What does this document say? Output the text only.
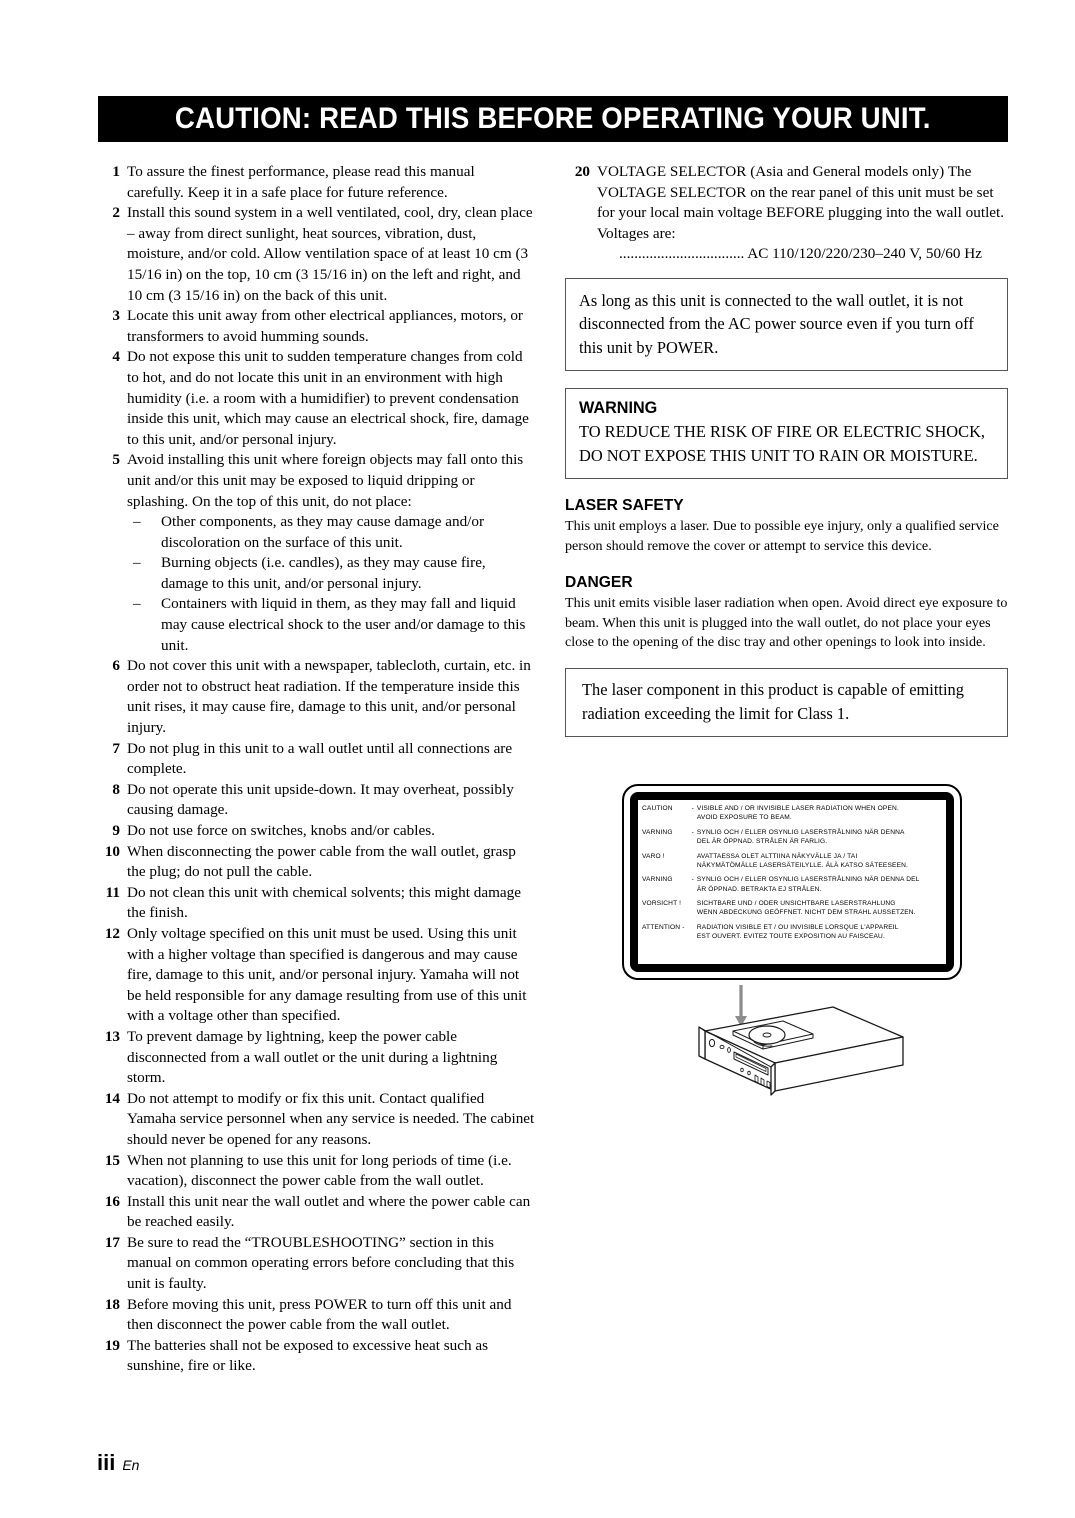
CAUTION: READ THIS BEFORE OPERATING YOUR UNIT.
1 To assure the finest performance, please read this manual carefully. Keep it in a safe place for future reference.
2 Install this sound system in a well ventilated, cool, dry, clean place – away from direct sunlight, heat sources, vibration, dust, moisture, and/or cold. Allow ventilation space of at least 10 cm (3 15/16 in) on the top, 10 cm (3 15/16 in) on the left and right, and 10 cm (3 15/16 in) on the back of this unit.
3 Locate this unit away from other electrical appliances, motors, or transformers to avoid humming sounds.
4 Do not expose this unit to sudden temperature changes from cold to hot, and do not locate this unit in an environment with high humidity (i.e. a room with a humidifier) to prevent condensation inside this unit, which may cause an electrical shock, fire, damage to this unit, and/or personal injury.
5 Avoid installing this unit where foreign objects may fall onto this unit and/or this unit may be exposed to liquid dripping or splashing. On the top of this unit, do not place:
– Other components, as they may cause damage and/or discoloration on the surface of this unit.
– Burning objects (i.e. candles), as they may cause fire, damage to this unit, and/or personal injury.
– Containers with liquid in them, as they may fall and liquid may cause electrical shock to the user and/or damage to this unit.
6 Do not cover this unit with a newspaper, tablecloth, curtain, etc. in order not to obstruct heat radiation. If the temperature inside this unit rises, it may cause fire, damage to this unit, and/or personal injury.
7 Do not plug in this unit to a wall outlet until all connections are complete.
8 Do not operate this unit upside-down. It may overheat, possibly causing damage.
9 Do not use force on switches, knobs and/or cables.
10 When disconnecting the power cable from the wall outlet, grasp the plug; do not pull the cable.
11 Do not clean this unit with chemical solvents; this might damage the finish.
12 Only voltage specified on this unit must be used. Using this unit with a higher voltage than specified is dangerous and may cause fire, damage to this unit, and/or personal injury. Yamaha will not be held responsible for any damage resulting from use of this unit with a voltage other than specified.
13 To prevent damage by lightning, keep the power cable disconnected from a wall outlet or the unit during a lightning storm.
14 Do not attempt to modify or fix this unit. Contact qualified Yamaha service personnel when any service is needed. The cabinet should never be opened for any reasons.
15 When not planning to use this unit for long periods of time (i.e. vacation), disconnect the power cable from the wall outlet.
16 Install this unit near the wall outlet and where the power cable can be reached easily.
17 Be sure to read the “TROUBLESHOOTING” section in this manual on common operating errors before concluding that this unit is faulty.
18 Before moving this unit, press POWER to turn off this unit and then disconnect the power cable from the wall outlet.
19 The batteries shall not be exposed to excessive heat such as sunshine, fire or like.
20 VOLTAGE SELECTOR (Asia and General models only) The VOLTAGE SELECTOR on the rear panel of this unit must be set for your local main voltage BEFORE plugging into the wall outlet. Voltages are:
................................. AC 110/120/220/230–240 V, 50/60 Hz
As long as this unit is connected to the wall outlet, it is not disconnected from the AC power source even if you turn off this unit by POWER.
WARNING
TO REDUCE THE RISK OF FIRE OR ELECTRIC SHOCK, DO NOT EXPOSE THIS UNIT TO RAIN OR MOISTURE.
LASER SAFETY
This unit employs a laser. Due to possible eye injury, only a qualified service person should remove the cover or attempt to service this device.
DANGER
This unit emits visible laser radiation when open. Avoid direct eye exposure to beam. When this unit is plugged into the wall outlet, do not place your eyes close to the opening of the disc tray and other openings to look into inside.
The laser component in this product is capable of emitting radiation exceeding the limit for Class 1.
CAUTION	-	VISIBLE AND / OR INVISIBLE LASER RADIATION WHEN OPEN.
AVOID EXPOSURE TO BEAM.
VARNING	-	SYNLIG OCH / ELLER OSYNLIG LASERSTRÅLNING NÄR DENNA
DEL ÄR ÖPPNAD. STRÅLEN ÄR FARLIG.
VARO !		AVATTAESSA OLET ALTTIINA NÄKYVÄLLE JA / TAI
NÄKYMÄTÖMÄLLE LASERSÄTEILYLLE. ÄLÄ KATSO SÄTEESEEN.
VARNING	-	SYNLIG OCH / ELLER OSYNLIG LASERSTRÅLNING NÄR DENNA DEL
ÄR ÖPPNAD. BETRAKTA EJ STRÅLEN.
VORSICHT !		SICHTBARE UND / ODER UNSICHTBARE LASERSTRAHLUNG
WENN ABDECKUNG GEÖFFNET. NICHT DEM STRAHL AUSSETZEN.
ATTENTION -		RADIATION VISIBLE ET / OU INVISIBLE LORSQUE L'APPAREIL
EST OUVERT. EVITEZ TOUTE EXPOSITION AU FAISCEAU.
iii En
